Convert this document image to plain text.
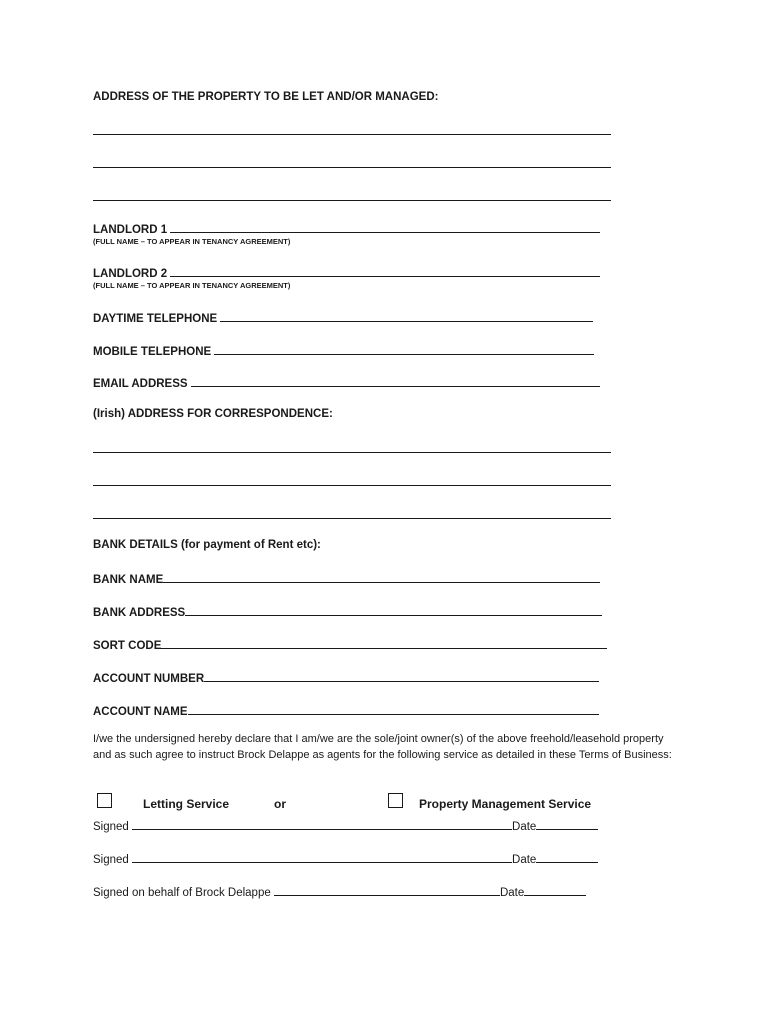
ADDRESS OF THE PROPERTY TO BE LET AND/OR MANAGED:
LANDLORD 1
(FULL NAME – TO APPEAR IN TENANCY AGREEMENT)
LANDLORD 2
(FULL NAME – TO APPEAR IN TENANCY AGREEMENT)
DAYTIME TELEPHONE
MOBILE TELEPHONE
EMAIL ADDRESS
(Irish) ADDRESS FOR CORRESPONDENCE:
BANK DETAILS (for payment of Rent etc):
BANK NAME
BANK ADDRESS
SORT CODE
ACCOUNT NUMBER
ACCOUNT NAME
I/we the undersigned hereby declare that I am/we are the sole/joint owner(s) of the above freehold/leasehold property and as such agree to instruct Brock Delappe as agents for the following service as detailed in these Terms of Business:
Letting Service	or	Property Management Service
Signed	Date
Signed	Date
Signed on behalf of Brock Delappe	Date
